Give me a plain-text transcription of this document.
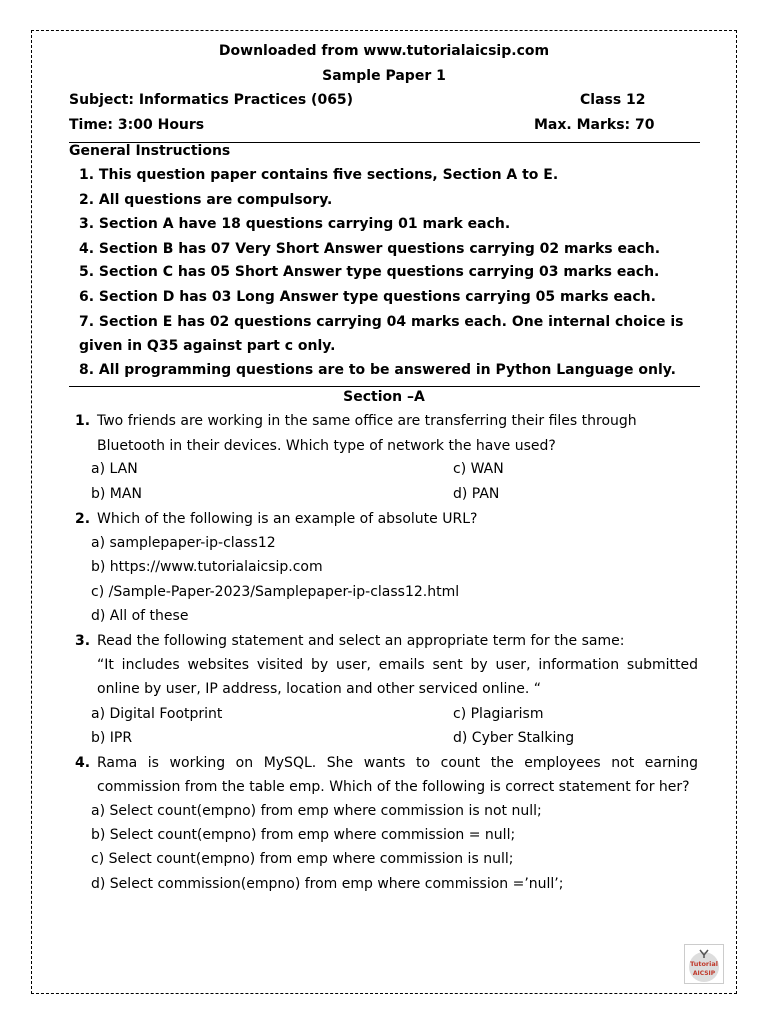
Downloaded from www.tutorialaicsip.com
Sample Paper 1
Subject: Informatics Practices (065)	Class 12
Time: 3:00 Hours	Max. Marks: 70
General Instructions
1. This question paper contains five sections, Section A to E.
2. All questions are compulsory.
3. Section A have 18 questions carrying 01 mark each.
4. Section B has 07 Very Short Answer questions carrying 02 marks each.
5. Section C has 05 Short Answer type questions carrying 03 marks each.
6. Section D has 03 Long Answer type questions carrying 05 marks each.
7. Section E has 02 questions carrying 04 marks each. One internal choice is
given in Q35 against part c only.
8. All programming questions are to be answered in Python Language only.
Section –A
1. Two friends are working in the same office are transferring their files through
Bluetooth in their devices. Which type of network the have used?
a) LAN	c) WAN
b) MAN	d) PAN
2. Which of the following is an example of absolute URL?
a) samplepaper-ip-class12
b) https://www.tutorialaicsip.com
c) /Sample-Paper-2023/Samplepaper-ip-class12.html
d) All of these
3. Read the following statement and select an appropriate term for the same:
“It includes websites visited by user, emails sent by user, information submitted
online by user, IP address, location and other serviced online. “
a) Digital Footprint	c) Plagiarism
b) IPR	d) Cyber Stalking
4. Rama is working on MySQL. She wants to count the employees not earning
commission from the table emp. Which of the following is correct statement for her?
a) Select count(empno) from emp where commission is not null;
b) Select count(empno) from emp where commission = null;
c) Select count(empno) from emp where commission is null;
d) Select commission(empno) from emp where commission =’null’;
Tutorial
AICSIP
